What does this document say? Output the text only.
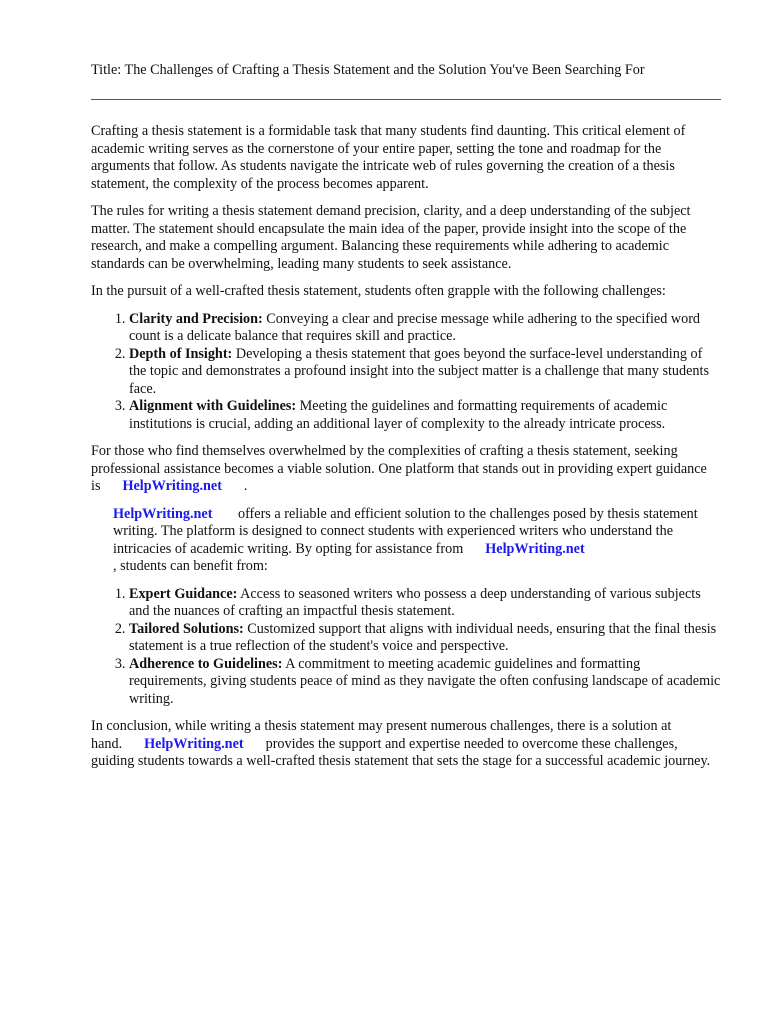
Title: The Challenges of Crafting a Thesis Statement and the Solution You've Been Searching For

Crafting a thesis statement is a formidable task that many students find daunting. This critical element of academic writing serves as the cornerstone of your entire paper, setting the tone and roadmap for the arguments that follow. As students navigate the intricate web of rules governing the creation of a thesis statement, the complexity of the process becomes apparent.

The rules for writing a thesis statement demand precision, clarity, and a deep understanding of the subject matter. The statement should encapsulate the main idea of the paper, provide insight into the scope of the research, and make a compelling argument. Balancing these requirements while adhering to academic standards can be overwhelming, leading many students to seek assistance.

In the pursuit of a well-crafted thesis statement, students often grapple with the following challenges:

1. Clarity and Precision: Conveying a clear and precise message while adhering to the specified word count is a delicate balance that requires skill and practice.
2. Depth of Insight: Developing a thesis statement that goes beyond the surface-level understanding of the topic and demonstrates a profound insight into the subject matter is a challenge that many students face.
3. Alignment with Guidelines: Meeting the guidelines and formatting requirements of academic institutions is crucial, adding an additional layer of complexity to the already intricate process.

For those who find themselves overwhelmed by the complexities of crafting a thesis statement, seeking professional assistance becomes a viable solution. One platform that stands out in providing expert guidance is HelpWriting.net .

HelpWriting.net offers a reliable and efficient solution to the challenges posed by thesis statement writing. The platform is designed to connect students with experienced writers who understand the intricacies of academic writing. By opting for assistance from HelpWriting.net
, students can benefit from:

1. Expert Guidance: Access to seasoned writers who possess a deep understanding of various subjects and the nuances of crafting an impactful thesis statement.
2. Tailored Solutions: Customized support that aligns with individual needs, ensuring that the final thesis statement is a true reflection of the student's voice and perspective.
3. Adherence to Guidelines: A commitment to meeting academic guidelines and formatting requirements, giving students peace of mind as they navigate the often confusing landscape of academic writing.

In conclusion, while writing a thesis statement may present numerous challenges, there is a solution at hand. HelpWriting.net provides the support and expertise needed to overcome these challenges, guiding students towards a well-crafted thesis statement that sets the stage for a successful academic journey.
